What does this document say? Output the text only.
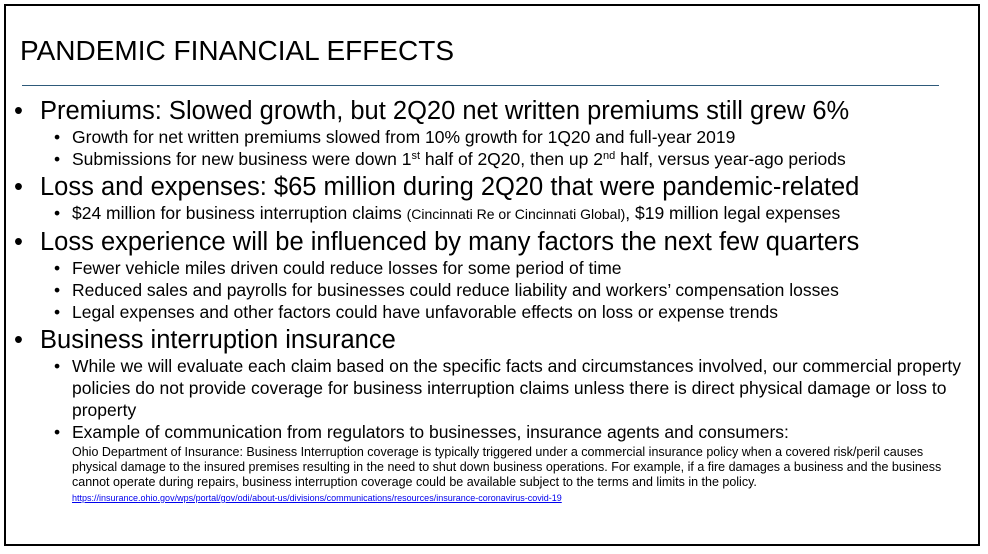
PANDEMIC FINANCIAL EFFECTS
• Premiums: Slowed growth, but 2Q20 net written premiums still grew 6%
• Growth for net written premiums slowed from 10% growth for 1Q20 and full-year 2019
• Submissions for new business were down 1st half of 2Q20, then up 2nd half, versus year-ago periods
• Loss and expenses: $65 million during 2Q20 that were pandemic-related
• $24 million for business interruption claims (Cincinnati Re or Cincinnati Global), $19 million legal expenses
• Loss experience will be influenced by many factors the next few quarters
• Fewer vehicle miles driven could reduce losses for some period of time
• Reduced sales and payrolls for businesses could reduce liability and workers’ compensation losses
• Legal expenses and other factors could have unfavorable effects on loss or expense trends
• Business interruption insurance
• While we will evaluate each claim based on the specific facts and circumstances involved, our commercial property policies do not provide coverage for business interruption claims unless there is direct physical damage or loss to property
• Example of communication from regulators to businesses, insurance agents and consumers:
Ohio Department of Insurance: Business Interruption coverage is typically triggered under a commercial insurance policy when a covered risk/peril causes physical damage to the insured premises resulting in the need to shut down business operations. For example, if a fire damages a business and the business cannot operate during repairs, business interruption coverage could be available subject to the terms and limits in the policy. https://insurance.ohio.gov/wps/portal/gov/odi/about-us/divisions/communications/resources/insurance-coronavirus-covid-19
